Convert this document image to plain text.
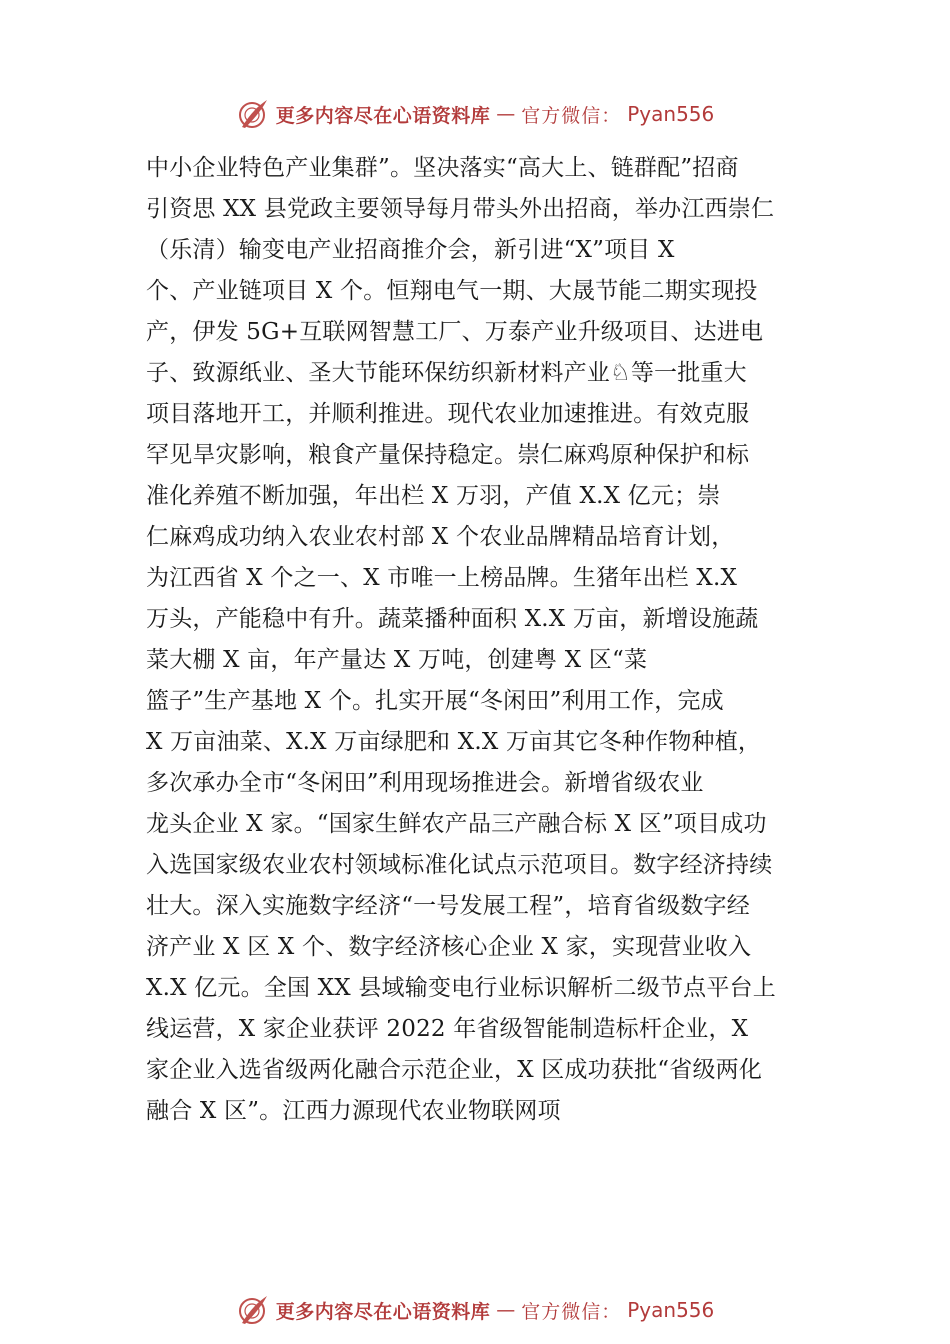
更多内容尽在心语资料库 — 官方微信： Pyan556
中小企业特色产业集群”。坚决落实“高大上、链群配”招商
引资思 XX 县党政主要领导每月带头外出招商，举办江西崇仁
（乐清）输变电产业招商推介会，新引进“X”项目 X
个、产业链项目 X 个。恒翔电气一期、大晟节能二期实现投
产，伊发 5G+互联网智慧工厂、万泰产业升级项目、达进电
子、致源纸业、圣大节能环保纺织新材料产业♘等一批重大
项目落地开工，并顺利推进。现代农业加速推进。有效克服
罕见旱灾影响，粮食产量保持稳定。崇仁麻鸡原种保护和标
准化养殖不断加强，年出栏 X 万羽，产值 X.X 亿元；崇
仁麻鸡成功纳入农业农村部 X 个农业品牌精品培育计划，
为江西省 X 个之一、X 市唯一上榜品牌。生猪年出栏 X.X
万头，产能稳中有升。蔬菜播种面积 X.X 万亩，新增设施蔬
菜大棚 X 亩，年产量达 X 万吨，创建粤 X 区“菜
篮子”生产基地 X 个。扎实开展“冬闲田”利用工作，完成
X 万亩油菜、X.X 万亩绿肥和 X.X 万亩其它冬种作物种植，
多次承办全市“冬闲田”利用现场推进会。新增省级农业
龙头企业 X 家。“国家生鲜农产品三产融合标 X 区”项目成功
入选国家级农业农村领域标准化试点示范项目。数字经济持续
壮大。深入实施数字经济“一号发展工程”，培育省级数字经
济产业 X 区 X 个、数字经济核心企业 X 家，实现营业收入
X.X 亿元。全国 XX 县域输变电行业标识解析二级节点平台上
线运营，X 家企业获评 2022 年省级智能制造标杆企业，X
家企业入选省级两化融合示范企业，X 区成功获批“省级两化
融合 X 区”。江西力源现代农业物联网项
更多内容尽在心语资料库 — 官方微信： Pyan556
